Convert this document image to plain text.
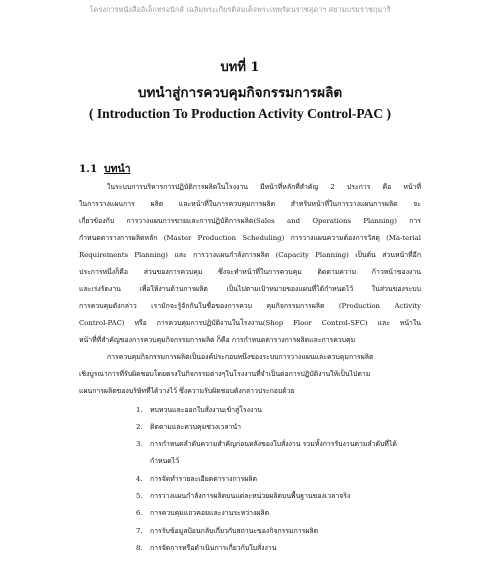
โครงการหนังสืออิเล็กทรอนิกส์ เฉลิมพระเกียรติสมเด็จพระเทพรัตนราชสุดาฯ สยามบรมราชกุมารี
บทที่ 1
บทนำสู่การควบคุมกิจกรรมการผลิต
( Introduction To Production Activity Control-PAC )
1.1 บทนำ
ในระบบการบริหารการปฏิบัติการผลิตในโรงงาน มีหน้าที่หลักที่สำคัญ 2 ประการ คือ หน้าที่
ในการวางแผนการ ผลิต และหน้าที่ในการควบคุมการผลิต สำหรับหน้าที่ในการวางแผนการผลิต จะ
เกี่ยวข้องกับ การวางแผนการขายและการปฏิบัติการผลิต(Sales and Operations Planning) การ
กำหนดตารางการผลิตหลัก (Master Production Scheduling) การวางแผนความต้องการวัสดุ (Ma-terial
Requirements Planning) และ การวางแผนกำลังการผลิต (Capacity Planning) เป็นต้น ส่วนหน้าที่อีก
ประการหนึ่งก็คือ ส่วนของการควบคุม ซึ่งจะทำหน้าที่ในการควบคุม ติดตามความ ก้าวหน้าของงาน
และเร่งรัดงาน เพื่อให้งานด้านการผลิต เป็นไปตามเป้าหมายของแผนที่ได้กำหนดไว้ ในส่วนของระบบ
การควบคุมดังกล่าว เรามักจะรู้จักกันในชื่อของการควบ คุมกิจกรรมการผลิต (Production Activity
Control-PAC) หรือ การควบคุมการปฏิบัติงานในโรงงาน(Shop Floor Control-SFC) และ หน้าใน
หน้าที่ที่สำคัญของการควบคุมกิจกรรมการผลิต ก็คือ การกำหนดตารางการผลิตและการควบคุม
การควบคุมกิจกรรมการผลิตเป็นองค์ประกอบหนึ่งของระบบการวางแผนและควบคุมการผลิต
เชิงบูรณาการที่รับผิดชอบโดยตรงในกิจกรรมต่างๆในโรงงานที่จำเป็นต่อการปฏิบัติงานให้เป็นไปตาม
แผนการผลิตของบริษัทที่ได้วางไว้ ซึ่งความรับผิดชอบดังกล่าวประกอบด้วย
1. ทบทวนและออกใบสั่งงานเข้าสู่โรงงาน
2. ติดตามและควบคุมช่วงเวลานำ
3. การกำหนดลำดับความสำคัญก่อนหลังของใบสั่งงาน รวมทั้งการรับงานตามลำดับที่ได้
กำหนดไว้
4. การจัดทำรายละเอียดตารางการผลิต
5. การวางแผนกำลังการผลิตบนแต่ละหน่วยผลิตบนพื้นฐานของเวลาจริง
6. การควบคุมแถวคอยและงานระหว่างผลิต
7. การรับข้อมูลป้อนกลับเกี่ยวกับสถานะของกิจกรรมการผลิต
8. การจัดการหรือดำเนินการเกี่ยวกับใบสั่งงาน
